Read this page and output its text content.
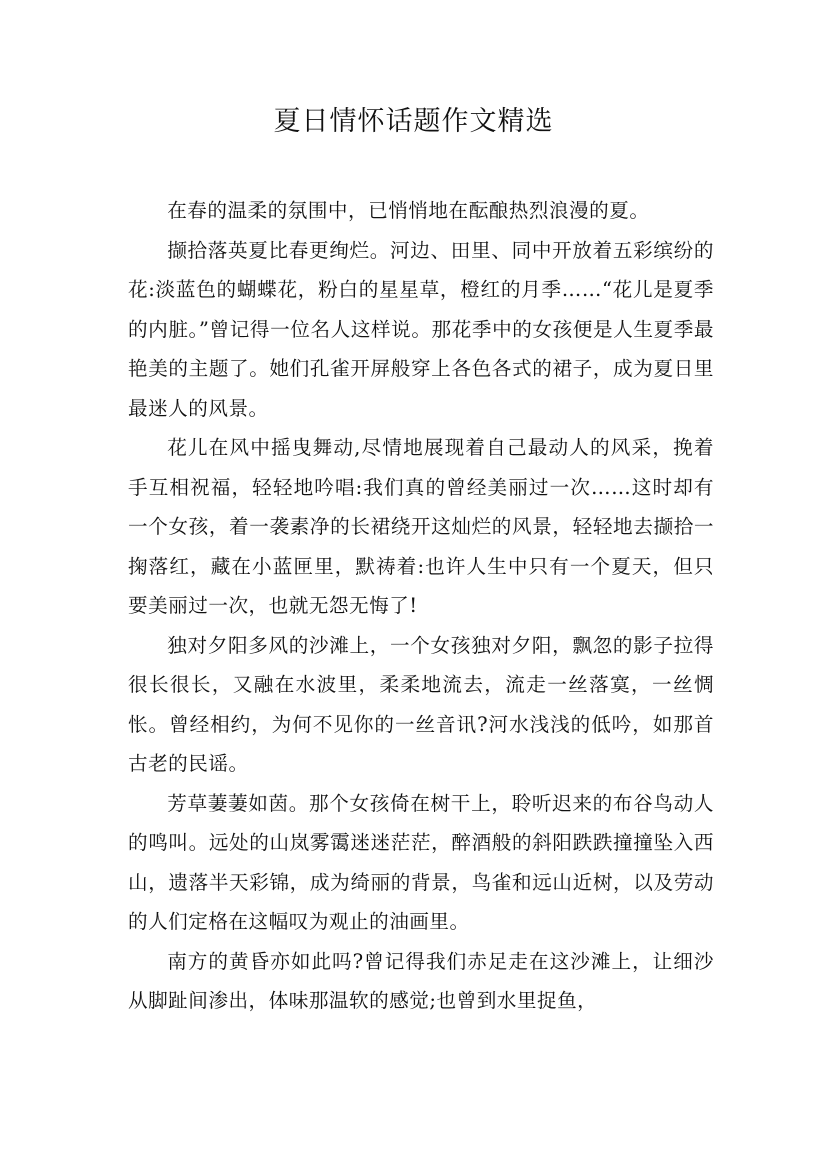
夏日情怀话题作文精选

在春的温柔的氛围中，已悄悄地在酝酿热烈浪漫的夏。

撷拾落英夏比春更绚烂。河边、田里、同中开放着五彩缤纷的花:淡蓝色的蝴蝶花，粉白的星星草，橙红的月季……“花儿是夏季的内脏。”曾记得一位名人这样说。那花季中的女孩便是人生夏季最艳美的主题了。她们孔雀开屏般穿上各色各式的裙子，成为夏日里最迷人的风景。

花儿在风中摇曳舞动,尽情地展现着自己最动人的风采，挽着手互相祝福，轻轻地吟唱:我们真的曾经美丽过一次……这时却有一个女孩，着一袭素净的长裙绕开这灿烂的风景，轻轻地去撷拾一掬落红，藏在小蓝匣里，默祷着:也许人生中只有一个夏天，但只要美丽过一次，也就无怨无悔了!

独对夕阳多风的沙滩上，一个女孩独对夕阳，飘忽的影子拉得很长很长，又融在水波里，柔柔地流去，流走一丝落寞，一丝惆怅。曾经相约，为何不见你的一丝音讯?河水浅浅的低吟，如那首古老的民谣。

芳草萋萋如茵。那个女孩倚在树干上，聆听迟来的布谷鸟动人的鸣叫。远处的山岚雾霭迷迷茫茫，醉酒般的斜阳跌跌撞撞坠入西山，遗落半天彩锦，成为绮丽的背景，鸟雀和远山近树，以及劳动的人们定格在这幅叹为观止的油画里。

南方的黄昏亦如此吗?曾记得我们赤足走在这沙滩上，让细沙从脚趾间渗出，体味那温软的感觉;也曾到水里捉鱼，
